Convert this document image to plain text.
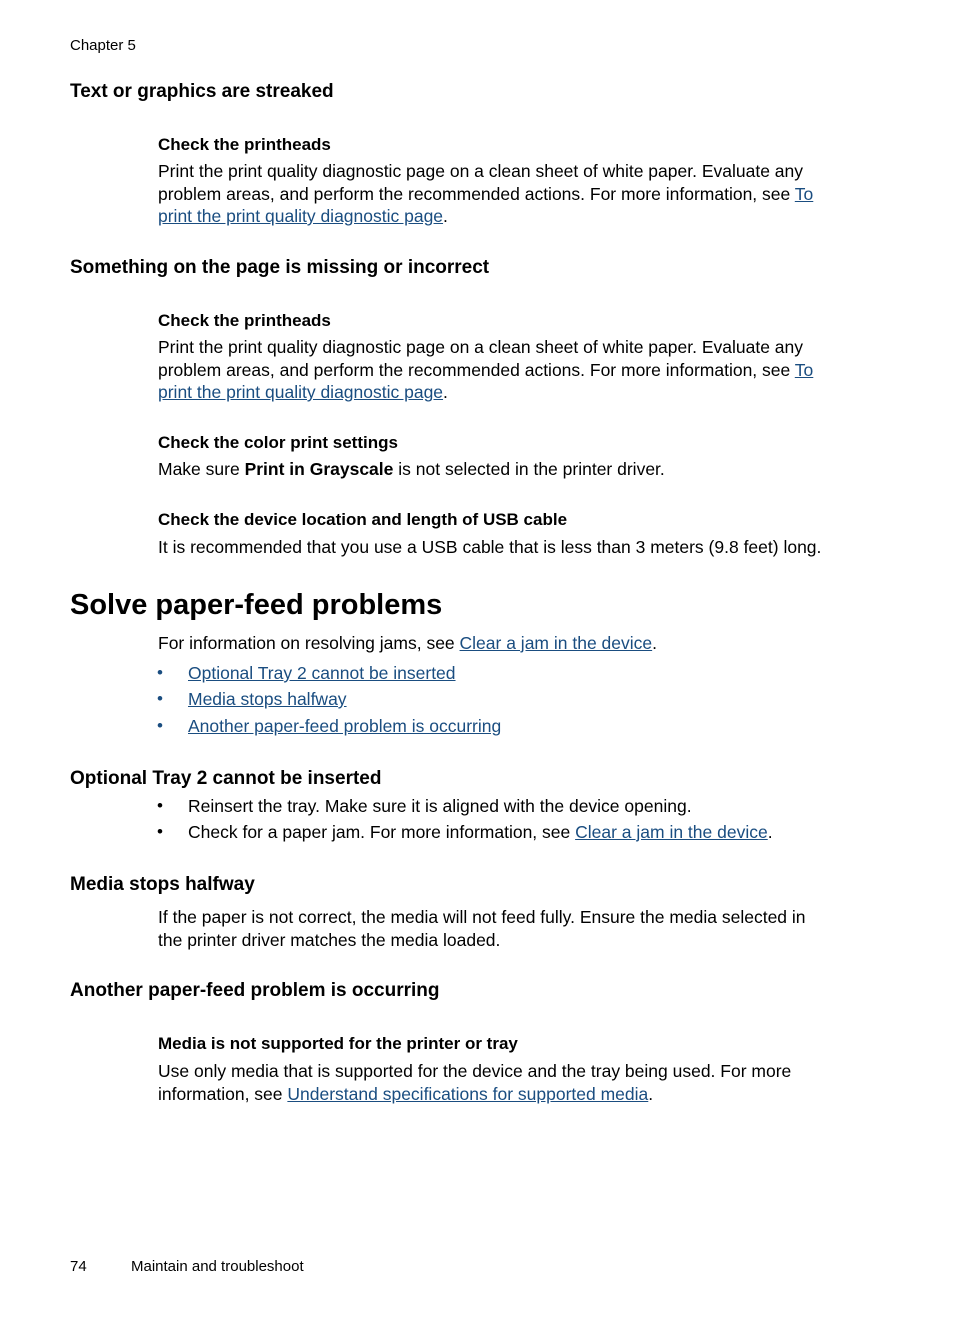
Chapter 5
Text or graphics are streaked
Check the printheads
Print the print quality diagnostic page on a clean sheet of white paper. Evaluate any
problem areas, and perform the recommended actions. For more information, see To
print the print quality diagnostic page.
Something on the page is missing or incorrect
Check the printheads
Print the print quality diagnostic page on a clean sheet of white paper. Evaluate any
problem areas, and perform the recommended actions. For more information, see To
print the print quality diagnostic page.
Check the color print settings
Make sure Print in Grayscale is not selected in the printer driver.
Check the device location and length of USB cable
It is recommended that you use a USB cable that is less than 3 meters (9.8 feet) long.
Solve paper-feed problems
For information on resolving jams, see Clear a jam in the device.
• Optional Tray 2 cannot be inserted
• Media stops halfway
• Another paper-feed problem is occurring
Optional Tray 2 cannot be inserted
• Reinsert the tray. Make sure it is aligned with the device opening.
• Check for a paper jam. For more information, see Clear a jam in the device.
Media stops halfway
If the paper is not correct, the media will not feed fully. Ensure the media selected in
the printer driver matches the media loaded.
Another paper-feed problem is occurring
Media is not supported for the printer or tray
Use only media that is supported for the device and the tray being used. For more
information, see Understand specifications for supported media.
74	Maintain and troubleshoot
